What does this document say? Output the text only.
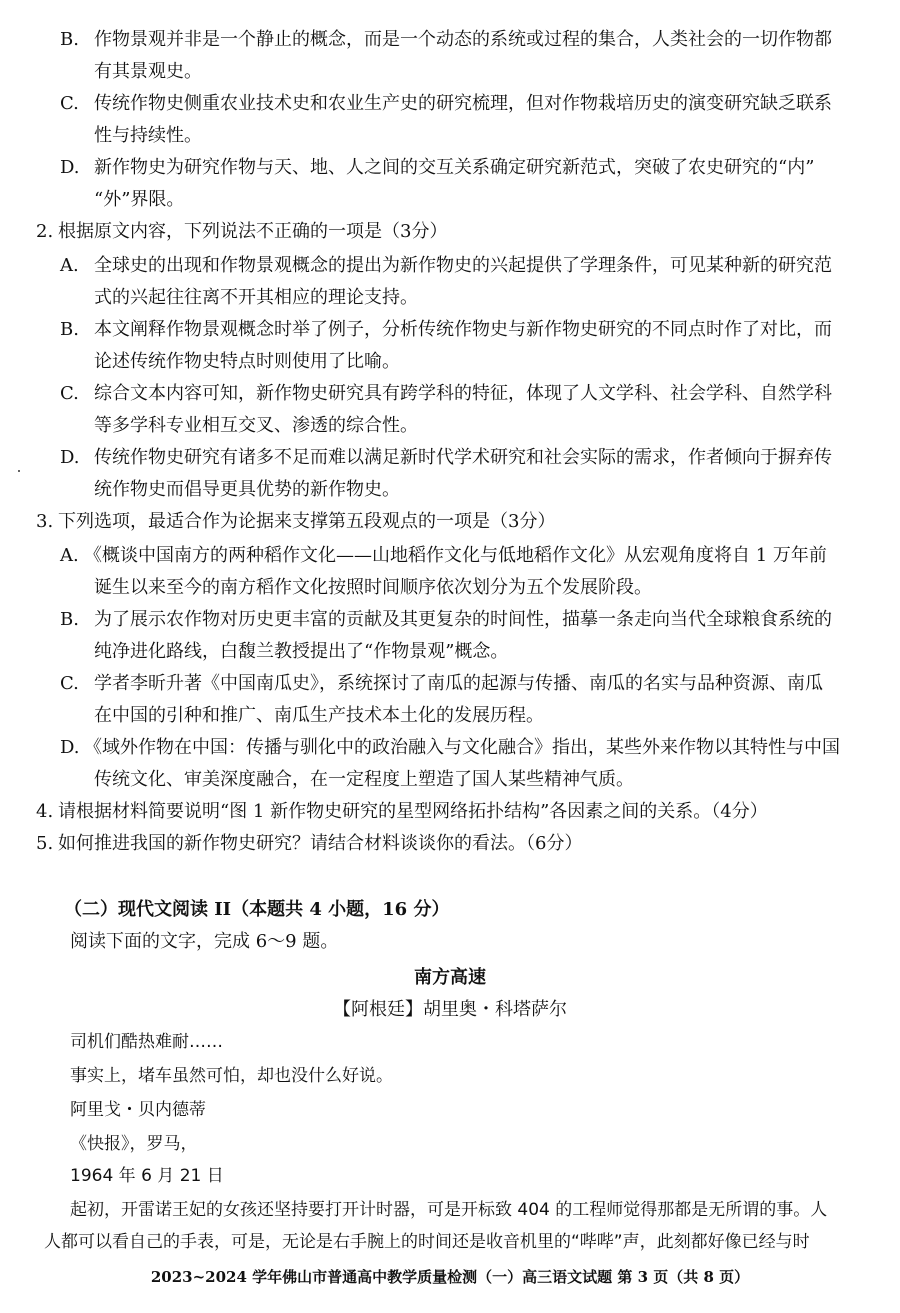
B. 作物景观并非是一个静止的概念，而是一个动态的系统或过程的集合，人类社会的一切作物都
有其景观史。
C. 传统作物史侧重农业技术史和农业生产史的研究梳理，但对作物栽培历史的演变研究缺乏联系
性与持续性。
D. 新作物史为研究作物与天、地、人之间的交互关系确定研究新范式，突破了农史研究的“内”
“外”界限。
2. 根据原文内容，下列说法不正确的一项是（3分）
A. 全球史的出现和作物景观概念的提出为新作物史的兴起提供了学理条件，可见某种新的研究范
式的兴起往往离不开其相应的理论支持。
B. 本文阐释作物景观概念时举了例子，分析传统作物史与新作物史研究的不同点时作了对比，而
论述传统作物史特点时则使用了比喻。
C. 综合文本内容可知，新作物史研究具有跨学科的特征，体现了人文学科、社会学科、自然学科
等多学科专业相互交叉、渗透的综合性。
D. 传统作物史研究有诸多不足而难以满足新时代学术研究和社会实际的需求，作者倾向于摒弃传
统作物史而倡导更具优势的新作物史。
3. 下列选项，最适合作为论据来支撑第五段观点的一项是（3分）
A. 《概谈中国南方的两种稻作文化——山地稻作文化与低地稻作文化》从宏观角度将自 1 万年前
诞生以来至今的南方稻作文化按照时间顺序依次划分为五个发展阶段。
B. 为了展示农作物对历史更丰富的贡献及其更复杂的时间性，描摹一条走向当代全球粮食系统的
纯净进化路线，白馥兰教授提出了“作物景观”概念。
C. 学者李昕升著《中国南瓜史》，系统探讨了南瓜的起源与传播、南瓜的名实与品种资源、南瓜
在中国的引种和推广、南瓜生产技术本土化的发展历程。
D. 《域外作物在中国：传播与驯化中的政治融入与文化融合》指出，某些外来作物以其特性与中国
传统文化、审美深度融合，在一定程度上塑造了国人某些精神气质。
4. 请根据材料简要说明“图 1 新作物史研究的星型网络拓扑结构”各因素之间的关系。（4分）
5. 如何推进我国的新作物史研究？请结合材料谈谈你的看法。（6分）
（二）现代文阅读 II（本题共 4 小题，16 分）
阅读下面的文字，完成 6～9 题。
南方高速
【阿根廷】胡里奥・科塔萨尔
司机们酷热难耐……
事实上，堵车虽然可怕，却也没什么好说。
阿里戈・贝内德蒂
《快报》，罗马，
1964 年 6 月 21 日
起初，开雷诺王妃的女孩还坚持要打开计时器，可是开标致 404 的工程师觉得那都是无所谓的事。人
人都可以看自己的手表，可是，无论是右手腕上的时间还是收音机里的“哔哔”声，此刻都好像已经与时
2023~2024 学年佛山市普通高中教学质量检测（一）高三语文试题 第 3 页（共 8 页）
